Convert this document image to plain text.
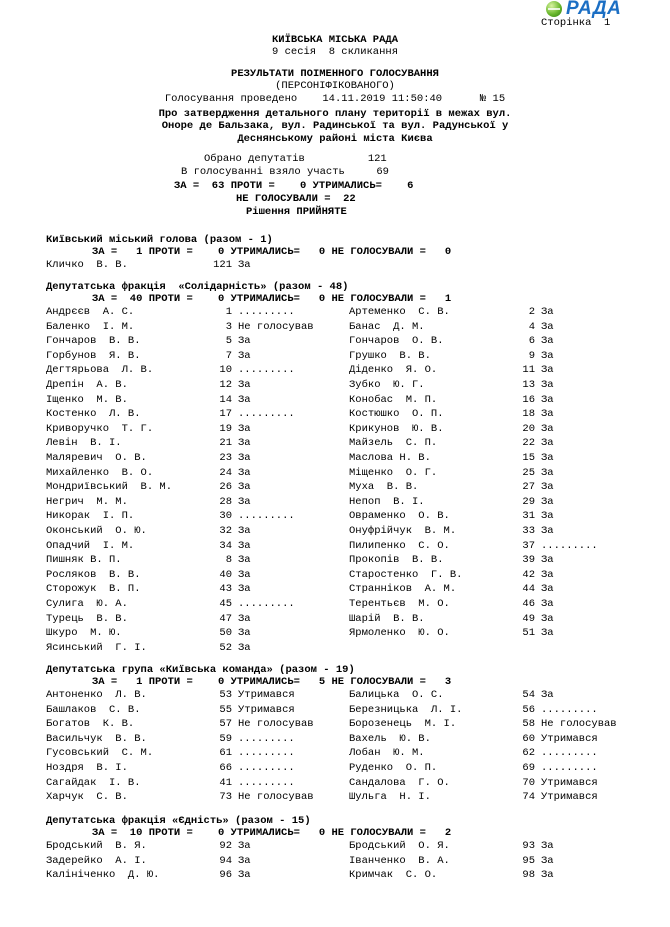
РАДА
Сторінка  1
КИЇВСЬКА МІСЬКА РАДА
9 сесія  8 скликання
РЕЗУЛЬТАТИ ПОІМЕННОГО ГОЛОСУВАННЯ
(ПЕРСОНІФІКОВАНОГО)
Голосування проведено    14.11.2019 11:50:40      № 15
Про затвердження детального плану території в межах вул.
Оноре де Бальзака, вул. Радинської та вул. Радунської у
Деснянському районі міста Києва
Обрано депутатів          121
В голосуванні взяло участь     69
ЗА =  63 ПРОТИ =    0 УТРИМАЛИСЬ=    6
НЕ ГОЛОСУВАЛИ =  22
Рішення ПРИЙНЯТЕ
Київський міський голова (разом - 1)
ЗА =   1 ПРОТИ =    0 УТРИМАЛИСЬ=   0 НЕ ГОЛОСУВАЛИ =   0
Кличко  В. В.	121 За
Депутатська фракція  «Солідарність» (разом - 48)
ЗА =  40 ПРОТИ =    0 УТРИМАЛИСЬ=   0 НЕ ГОЛОСУВАЛИ =   1
Андрєєв  А. С.	1 .........	Артеменко  С. В.	2 За
Баленко  І. М.	3 Не голосував	Банас  Д. М.	4 За
Гончаров  В. В.	5 За	Гончаров  О. В.	6 За
Горбунов  Я. В.	7 За	Грушко  В. В.	9 За
Дегтярьова  Л. В.	10 .........	Діденко  Я. О.	11 За
Дрепін  А. В.	12 За	Зубко  Ю. Г.	13 За
Іщенко  М. В.	14 За	Конобас  М. П.	16 За
Костенко  Л. В.	17 .........	Костюшко  О. П.	18 За
Криворучко  Т. Г.	19 За	Крикунов  Ю. В.	20 За
Левін  В. І.	21 За	Майзель  С. П.	22 За
Маляревич  О. В.	23 За	Маслова Н. В.	15 За
Михайленко  В. О.	24 За	Міщенко  О. Г.	25 За
Мондриївський  В. М.	26 За	Муха  В. В.	27 За
Негрич  М. М.	28 За	Непоп  В. І.	29 За
Никорак  І. П.	30 .........	Овраменко  О. В.	31 За
Оконський  О. Ю.	32 За	Онуфрійчук  В. М.	33 За
Опадчий  І. М.	34 За	Пилипенко  С. О.	37 .........
Пишняк В. П.	8 За	Прокопів  В. В.	39 За
Росляков  В. В.	40 За	Старостенко  Г. В.	42 За
Сторожук  В. П.	43 За	Странніков  А. М.	44 За
Сулига  Ю. А.	45 .........	Терентьєв  М. О.	46 За
Турець  В. В.	47 За	Шарій  В. В.	49 За
Шкуро  М. Ю.	50 За	Ярмоленко  Ю. О.	51 За
Ясинський  Г. І.	52 За
Депутатська група «Київська команда» (разом - 19)
ЗА =   1 ПРОТИ =    0 УТРИМАЛИСЬ=   5 НЕ ГОЛОСУВАЛИ =   3
Антоненко  Л. В.	53 Утримався	Балицька  О. С.	54 За
Башлаков  С. В.	55 Утримався	Березницька  Л. І.	56 .........
Богатов  К. В.	57 Не голосував	Борозенець  М. І.	58 Не голосував
Васильчук  В. В.	59 .........	Вахель  Ю. В.	60 Утримався
Гусовський  С. М.	61 .........	Лобан  Ю. М.	62 .........
Ноздря  В. І.	66 .........	Руденко  О. П.	69 .........
Сагайдак  І. В.	41 .........	Сандалова  Г. О.	70 Утримався
Харчук  С. В.	73 Не голосував	Шульга  Н. І.	74 Утримався
Депутатська фракція «Єдність» (разом - 15)
ЗА =  10 ПРОТИ =    0 УТРИМАЛИСЬ=   0 НЕ ГОЛОСУВАЛИ =   2
Бродський  В. Я.	92 За	Бродський  О. Я.	93 За
Задерейко  А. І.	94 За	Іванченко  В. А.	95 За
Калініченко  Д. Ю.	96 За	Кримчак  С. О.	98 За
